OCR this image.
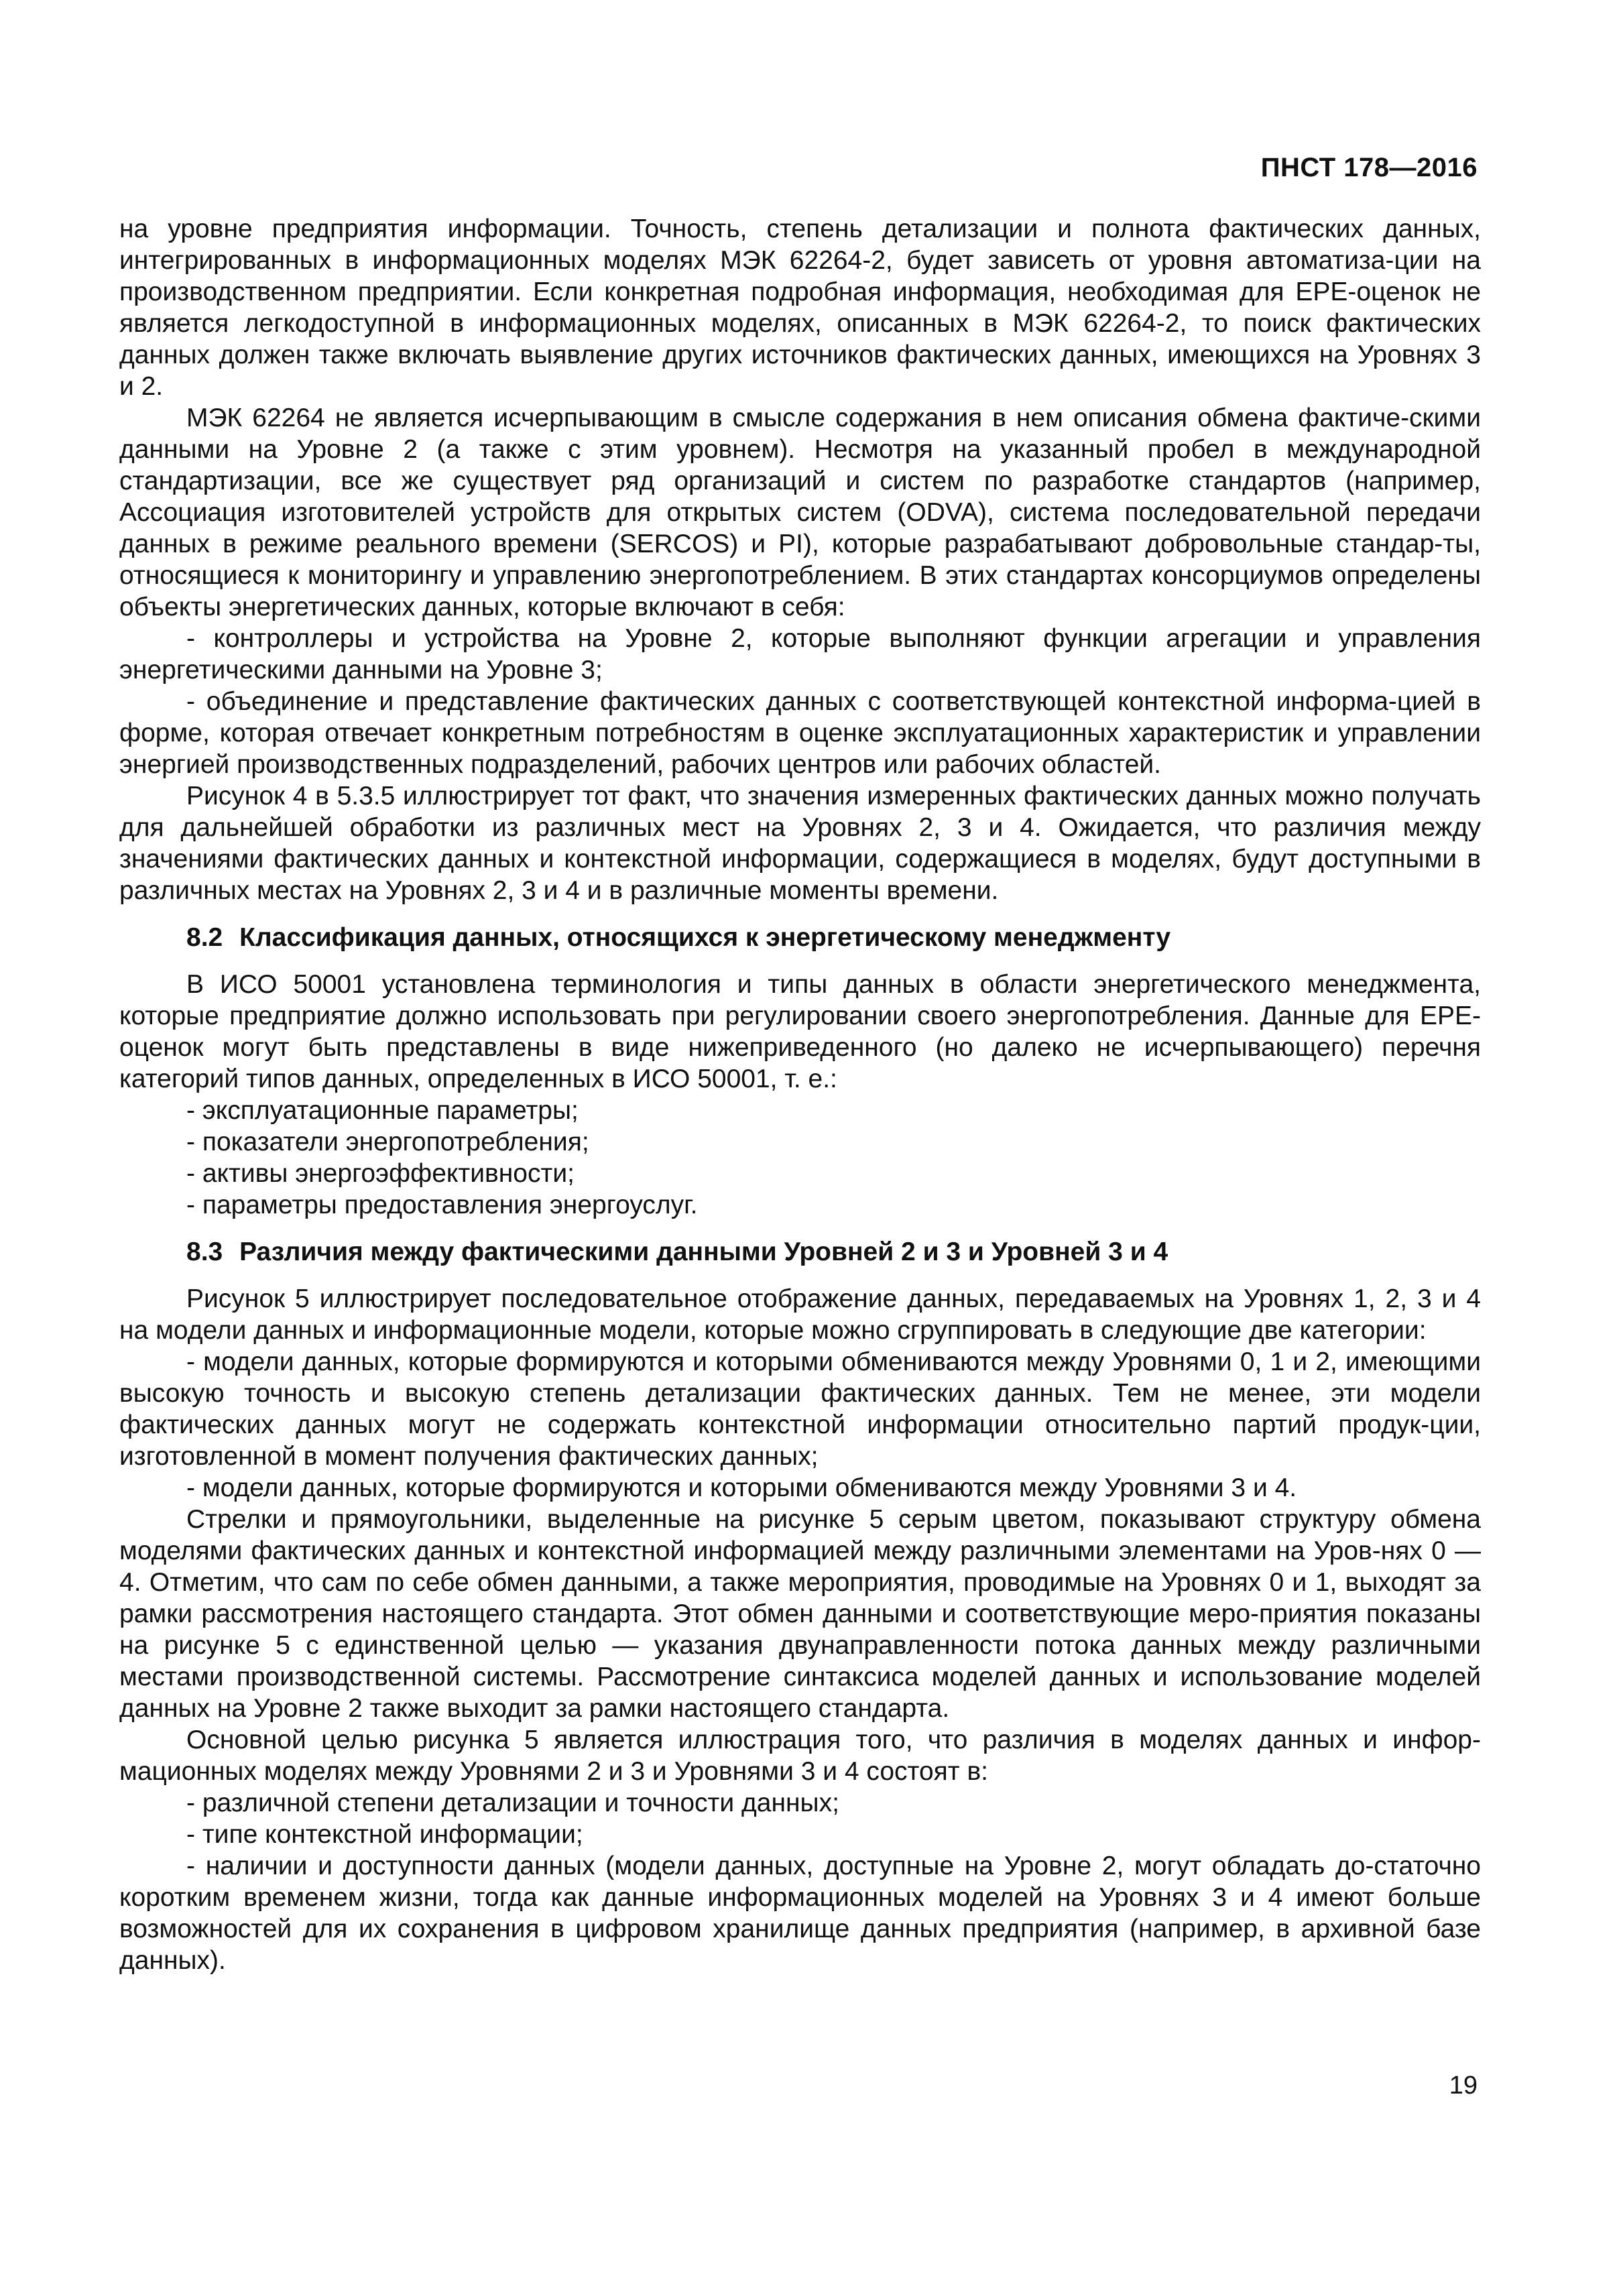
ПНСТ 178—2016

на уровне предприятия информации. Точность, степень детализации и полнота фактических данных, интегрированных в информационных моделях МЭК 62264-2, будет зависеть от уровня автоматиза-ции на производственном предприятии. Если конкретная подробная информация, необходимая для EPE-оценок не является легкодоступной в информационных моделях, описанных в МЭК 62264-2, то поиск фактических данных должен также включать выявление других источников фактических данных, имеющихся на Уровнях 3 и 2.

МЭК 62264 не является исчерпывающим в смысле содержания в нем описания обмена фактиче-скими данными на Уровне 2 (а также с этим уровнем). Несмотря на указанный пробел в международной стандартизации, все же существует ряд организаций и систем по разработке стандартов (например, Ассоциация изготовителей устройств для открытых систем (ODVA), система последовательной передачи данных в режиме реального времени (SERCOS) и PI), которые разрабатывают добровольные стандар-ты, относящиеся к мониторингу и управлению энергопотреблением. В этих стандартах консорциумов определены объекты энергетических данных, которые включают в себя:

- контроллеры и устройства на Уровне 2, которые выполняют функции агрегации и управления энергетическими данными на Уровне 3;

- объединение и представление фактических данных с соответствующей контекстной информа-цией в форме, которая отвечает конкретным потребностям в оценке эксплуатационных характеристик и управлении энергией производственных подразделений, рабочих центров или рабочих областей.

Рисунок 4 в 5.3.5 иллюстрирует тот факт, что значения измеренных фактических данных можно получать для дальнейшей обработки из различных мест на Уровнях 2, 3 и 4. Ожидается, что различия между значениями фактических данных и контекстной информации, содержащиеся в моделях, будут доступными в различных местах на Уровнях 2, 3 и 4 и в различные моменты времени.

8.2 Классификация данных, относящихся к энергетическому менеджменту

В ИСО 50001 установлена терминология и типы данных в области энергетического менеджмента, которые предприятие должно использовать при регулировании своего энергопотребления. Данные для EPE-оценок могут быть представлены в виде нижеприведенного (но далеко не исчерпывающего) перечня категорий типов данных, определенных в ИСО 50001, т. е.:

- эксплуатационные параметры;

- показатели энергопотребления;

- активы энергоэффективности;

- параметры предоставления энергоуслуг.

8.3 Различия между фактическими данными Уровней 2 и 3 и Уровней 3 и 4

Рисунок 5 иллюстрирует последовательное отображение данных, передаваемых на Уровнях 1, 2, 3 и 4 на модели данных и информационные модели, которые можно сгруппировать в следующие две категории:

- модели данных, которые формируются и которыми обмениваются между Уровнями 0, 1 и 2, имеющими высокую точность и высокую степень детализации фактических данных. Тем не менее, эти модели фактических данных могут не содержать контекстной информации относительно партий продук-ции, изготовленной в момент получения фактических данных;

- модели данных, которые формируются и которыми обмениваются между Уровнями 3 и 4.

Стрелки и прямоугольники, выделенные на рисунке 5 серым цветом, показывают структуру обмена моделями фактических данных и контекстной информацией между различными элементами на Уров-нях 0 — 4. Отметим, что сам по себе обмен данными, а также мероприятия, проводимые на Уровнях 0 и 1, выходят за рамки рассмотрения настоящего стандарта. Этот обмен данными и соответствующие меро-приятия показаны на рисунке 5 с единственной целью — указания двунаправленности потока данных между различными местами производственной системы. Рассмотрение синтаксиса моделей данных и использование моделей данных на Уровне 2 также выходит за рамки настоящего стандарта.

Основной целью рисунка 5 является иллюстрация того, что различия в моделях данных и инфор-мационных моделях между Уровнями 2 и 3 и Уровнями 3 и 4 состоят в:

- различной степени детализации и точности данных;

- типе контекстной информации;

- наличии и доступности данных (модели данных, доступные на Уровне 2, могут обладать до-статочно коротким временем жизни, тогда как данные информационных моделей на Уровнях 3 и 4 имеют больше возможностей для их сохранения в цифровом хранилище данных предприятия (например, в архивной базе данных).

19
